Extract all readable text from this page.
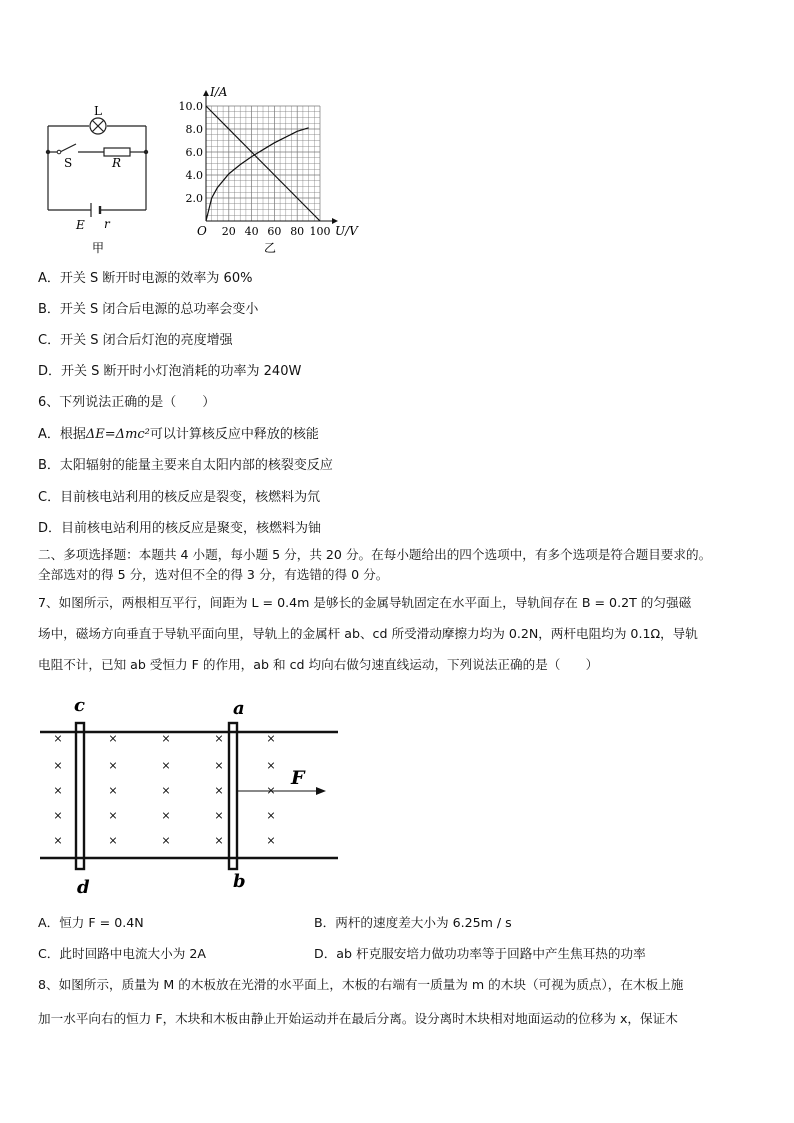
L
S	R
E r
甲
20 40 60 80 100
2.0
4.0
6.0
8.0
10.0
I/A
U/V
O
乙
A．开关 S 断开时电源的效率为 60%
B．开关 S 闭合后电源的总功率会变小
C．开关 S 闭合后灯泡的亮度增强
D．开关 S 断开时小灯泡消耗的功率为 240W
6、下列说法正确的是（　　）
A．根据ΔE=Δmc²可以计算核反应中释放的核能
B．太阳辐射的能量主要来自太阳内部的核裂变反应
C．目前核电站利用的核反应是裂变，核燃料为氘
D．目前核电站利用的核反应是聚变，核燃料为铀
二、多项选择题：本题共 4 小题，每小题 5 分，共 20 分。在每小题给出的四个选项中，有多个选项是符合题目要求的。
全部选对的得 5 分，选对但不全的得 3 分，有选错的得 0 分。
7、如图所示，两根相互平行，间距为 L = 0.4m 是够长的金属导轨固定在水平面上，导轨间存在 B = 0.2T 的匀强磁
场中，磁场方向垂直于导轨平面向里，导轨上的金属杆 ab、cd 所受滑动摩擦力均为 0.2N，两杆电阻均为 0.1Ω，导轨
电阻不计，已知 ab 受恒力 F 的作用，ab 和 cd 均向右做匀速直线运动，下列说法正确的是（　　）
×
×
×
×
×
×
×
×
×
×
×
×
×
×
×
×
×
×
×
×
×
×
×
×
×
c	a
d	b
F
A．恒力 F = 0.4N	B．两杆的速度差大小为 6.25m / s
C．此时回路中电流大小为 2A	D．ab 杆克服安培力做功功率等于回路中产生焦耳热的功率
8、如图所示，质量为 M 的木板放在光滑的水平面上，木板的右端有一质量为 m 的木块（可视为质点），在木板上施
加一水平向右的恒力 F，木块和木板由静止开始运动并在最后分离。设分离时木块相对地面运动的位移为 x，保证木
